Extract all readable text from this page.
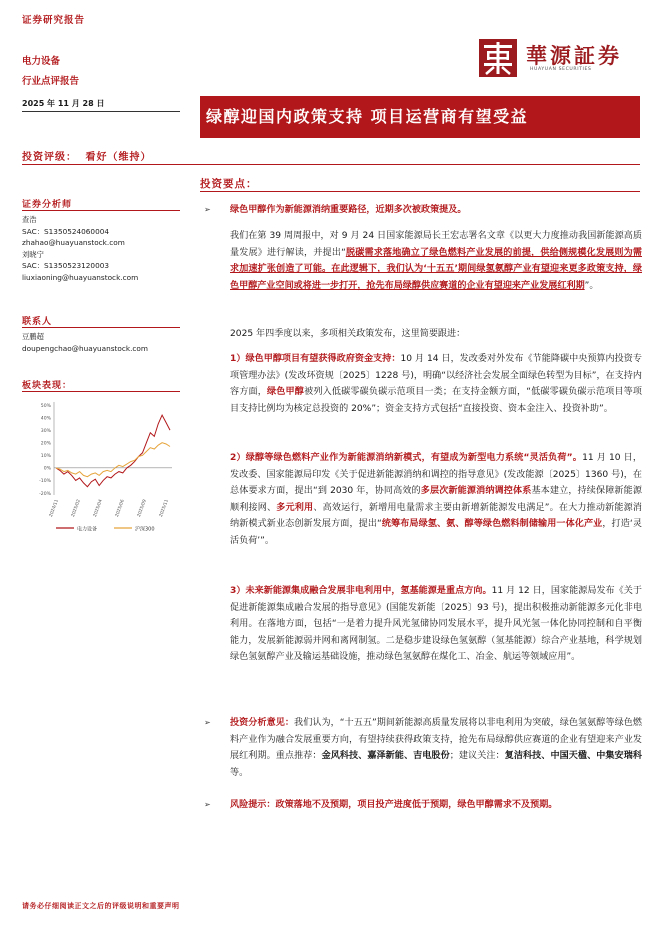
证券研究报告
电力设备
行业点评报告
華源証券
HUAYUAN SECURITIES
2025 年 11 月 28 日
绿醇迎国内政策支持 项目运营商有望受益
投资评级： 看好（维持）
证券分析师
查浩
SAC：S1350524060004
zhahao@huayuanstock.com
刘晓宁
SAC：S1350523120003
liuxiaoning@huayuanstock.com
联系人
豆鹏超
doupengchao@huayuanstock.com
板块表现：
50%
40%
30%
20%
10%
0%
-10%
-20%
2024/11	2025/02	2025/04	2025/06	2025/09	2025/11
电力设备	沪深300
投资要点：
➢ 绿色甲醇作为新能源消纳重要路径，近期多次被政策提及。
我们在第 39 周周报中，对 9 月 24 日国家能源局长王宏志署名文章《以更大力度推动我国新能源高质量发展》进行解读，并提出“脱碳需求落地确立了绿色燃料产业发展的前提，供给侧规模化发展则为需求加速扩张创造了可能。在此逻辑下，我们认为‘十五五’期间绿氢氨醇产业有望迎来更多政策支持，绿色甲醇产业空间或将进一步打开，抢先布局绿醇供应赛道的企业有望迎来产业发展红利期”。
2025 年四季度以来，多项相关政策发布，这里简要跟进：
1）绿色甲醇项目有望获得政府资金支持：10 月 14 日，发改委对外发布《节能降碳中央预算内投资专项管理办法》(发改环资规〔2025〕1228 号)，明确“以经济社会发展全面绿色转型为目标”，在支持内容方面，绿色甲醇被列入低碳零碳负碳示范项目一类；在支持金额方面，“低碳零碳负碳示范项目等项目支持比例均为核定总投资的 20%”；资金支持方式包括“直接投资、资本金注入、投资补助”。
2）绿醇等绿色燃料产业作为新能源消纳新模式，有望成为新型电力系统“灵活负荷”。11 月 10 日，发改委、国家能源局印发《关于促进新能源消纳和调控的指导意见》(发改能源〔2025〕1360 号)，在总体要求方面，提出“到 2030 年，协同高效的多层次新能源消纳调控体系基本建立，持续保障新能源顺利接网、多元利用、高效运行，新增用电量需求主要由新增新能源发电满足”。在大力推动新能源消纳新模式新业态创新发展方面，提出“统筹布局绿氢、氨、醇等绿色燃料制储输用一体化产业，打造‘灵活负荷’”。
3）未来新能源集成融合发展非电利用中，氢基能源是重点方向。11 月 12 日，国家能源局发布《关于促进新能源集成融合发展的指导意见》(国能发新能〔2025〕93 号)，提出积极推动新能源多元化非电利用。在落地方面，包括“一是着力提升风光氢储协同发展水平，提升风光氢一体化协同控制和自平衡能力，发展新能源弱并网和离网制氢。二是稳步建设绿色氢氨醇（氢基能源）综合产业基地，科学规划绿色氢氨醇产业及输运基础设施，推动绿色氢氨醇在煤化工、冶金、航运等领域应用”。
➢ 投资分析意见：我们认为，“十五五”期间新能源高质量发展将以非电利用为突破，绿色氢氨醇等绿色燃料产业作为融合发展重要方向，有望持续获得政策支持，抢先布局绿醇供应赛道的企业有望迎来产业发展红利期。重点推荐：金风科技、嘉泽新能、吉电股份；建议关注：复洁科技、中国天楹、中集安瑞科等。
➢ 风险提示：政策落地不及预期，项目投产进度低于预期，绿色甲醇需求不及预期。
请务必仔细阅读正文之后的评级说明和重要声明
